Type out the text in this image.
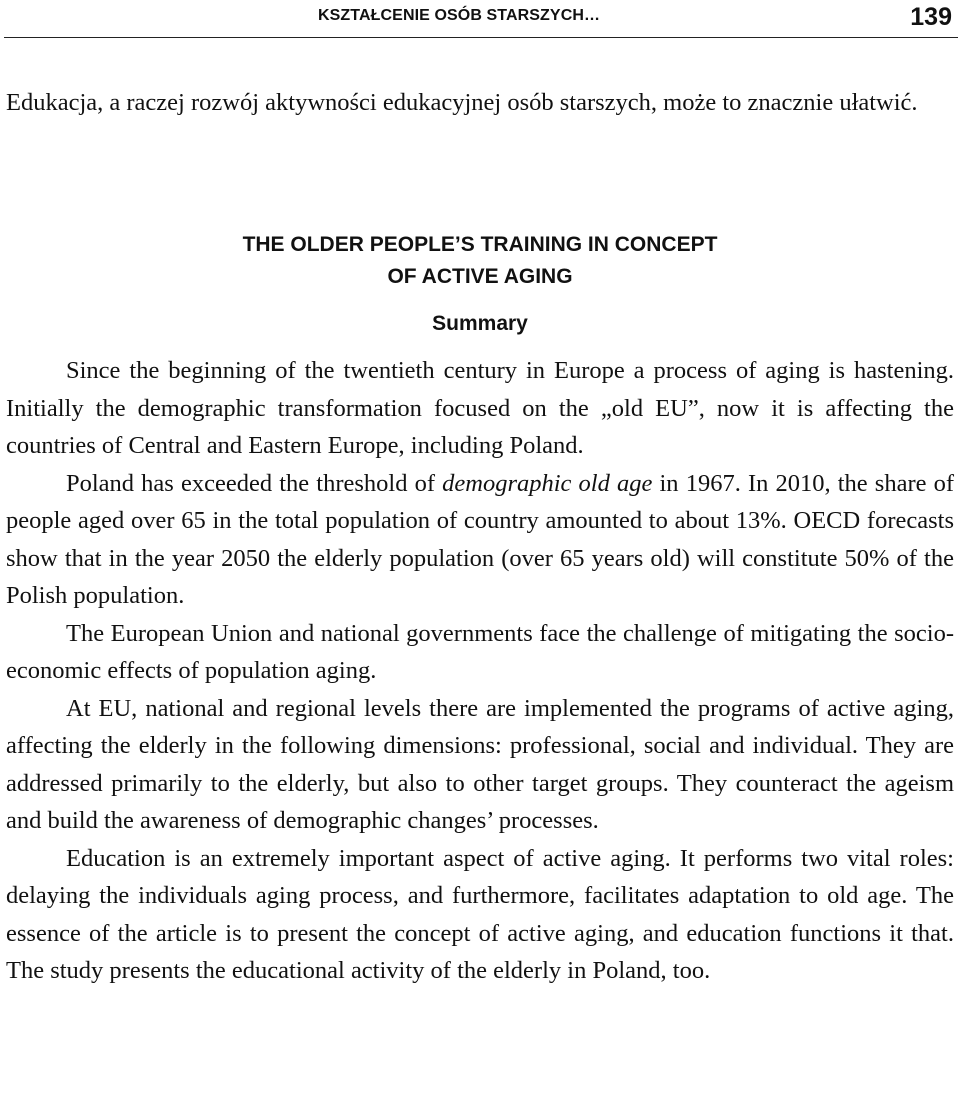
KSZTAŁCENIE OSÓB STARSZYCH…	139

Edukacja, a raczej rozwój aktywności edukacyjnej osób starszych, może to znacznie ułatwić.

THE OLDER PEOPLE’S TRAINING IN CONCEPT
OF ACTIVE AGING
Summary

Since the beginning of the twentieth century in Europe a process of aging is hastening. Initially the demographic transformation focused on the „old EU”, now it is affecting the countries of Central and Eastern Europe, including Poland.

Poland has exceeded the threshold of demographic old age in 1967. In 2010, the share of people aged over 65 in the total population of country amounted to about 13%. OECD forecasts show that in the year 2050 the elderly population (over 65 years old) will constitute 50% of the Polish population.

The European Union and national governments face the challenge of mitigating the socio-economic effects of population aging.

At EU, national and regional levels there are implemented the programs of active aging, affecting the elderly in the following dimensions: professional, social and individual. They are addressed primarily to the elderly, but also to other target groups. They counteract the ageism and build the awareness of demographic changes’ processes.

Education is an extremely important aspect of active aging. It performs two vital roles: delaying the individuals aging process, and furthermore, facilitates adaptation to old age. The essence of the article is to present the concept of active aging, and education functions it that. The study presents the educational activity of the elderly in Poland, too.
